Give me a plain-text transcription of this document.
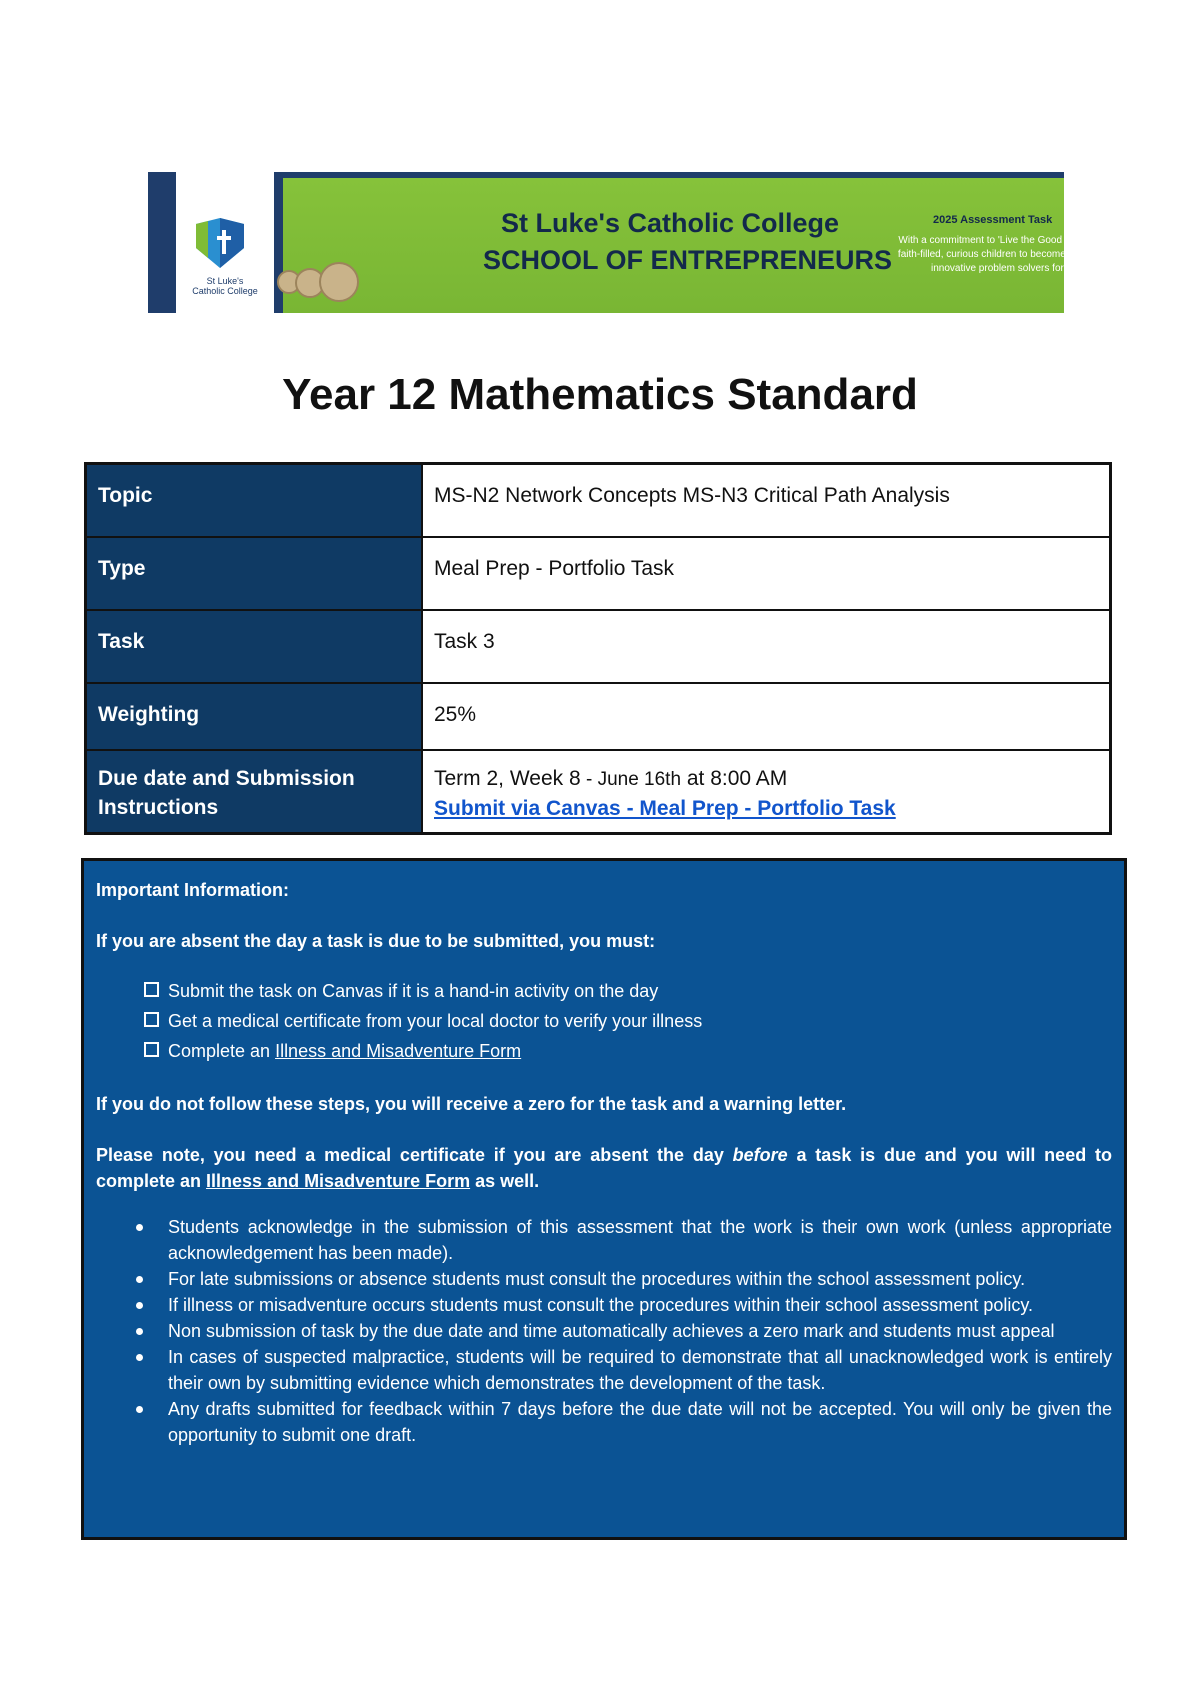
St Luke's
Catholic College
St Luke's Catholic College
SCHOOL OF ENTREPRENEURS
2025 Assessment Task
With a commitment to 'Live the Good News', St Luke's nurtures faith-filled, curious children to become creative contributors and innovative problem solvers for a changing world.
Year 12 Mathematics Standard
Topic	MS-N2 Network Concepts MS-N3 Critical Path Analysis
Type	Meal Prep - Portfolio Task
Task	Task 3
Weighting	25%
Due date and Submission Instructions	Term 2, Week 8 - June 16th at 8:00 AM
Submit via Canvas - Meal Prep - Portfolio Task

Important Information:

If you are absent the day a task is due to be submitted, you must:

Submit the task on Canvas if it is a hand-in activity on the day
Get a medical certificate from your local doctor to verify your illness
Complete an Illness and Misadventure Form

If you do not follow these steps, you will receive a zero for the task and a warning letter.

Please note, you need a medical certificate if you are absent the day before a task is due and you will need to complete an Illness and Misadventure Form as well.

Students acknowledge in the submission of this assessment that the work is their own work (unless appropriate acknowledgement has been made).
For late submissions or absence students must consult the procedures within the school assessment policy.
If illness or misadventure occurs students must consult the procedures within their school assessment policy.
Non submission of task by the due date and time automatically achieves a zero mark and students must appeal
In cases of suspected malpractice, students will be required to demonstrate that all unacknowledged work is entirely their own by submitting evidence which demonstrates the development of the task.
Any drafts submitted for feedback within 7 days before the due date will not be accepted. You will only be given the opportunity to submit one draft.
